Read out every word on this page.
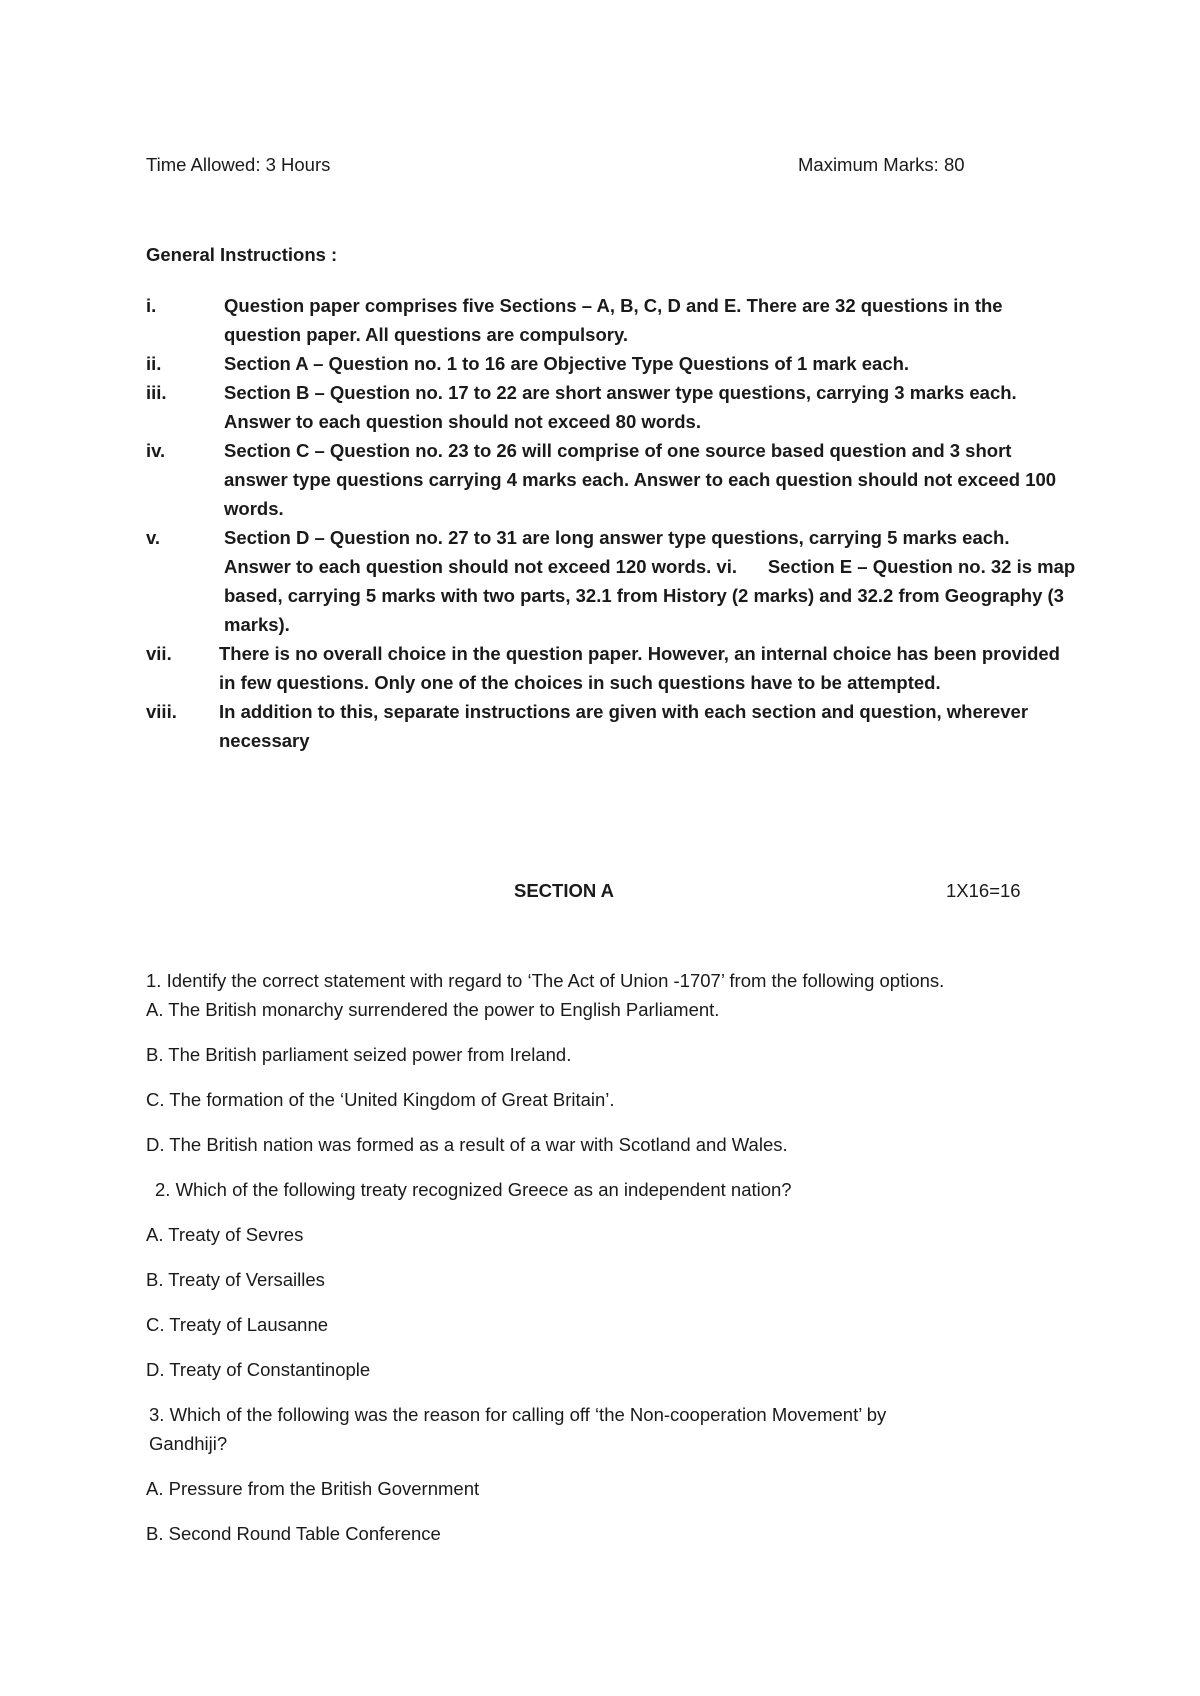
Time Allowed: 3 Hours	Maximum Marks: 80
General Instructions :
i.	Question paper comprises five Sections – A, B, C, D and E. There are 32 questions in the question paper. All questions are compulsory.
ii.	Section A – Question no. 1 to 16 are Objective Type Questions of 1 mark each.
iii.	Section B – Question no. 17 to 22 are short answer type questions, carrying 3 marks each. Answer to each question should not exceed 80 words.
iv.	Section C – Question no. 23 to 26 will comprise of one source based question and 3 short answer type questions carrying 4 marks each. Answer to each question should not exceed 100 words.
v.	Section D – Question no. 27 to 31 are long answer type questions, carrying 5 marks each. Answer to each question should not exceed 120 words. vi.      Section E – Question no. 32 is map based, carrying 5 marks with two parts, 32.1 from History (2 marks) and 32.2 from Geography (3 marks).
vii.	There is no overall choice in the question paper. However, an internal choice has been provided in few questions. Only one of the choices in such questions have to be attempted.
viii.	In addition to this, separate instructions are given with each section and question, wherever necessary
SECTION A	1X16=16
1. Identify the correct statement with regard to ‘The Act of Union -1707’ from the following options.
A. The British monarchy surrendered the power to English Parliament.
B. The British parliament seized power from Ireland.
C. The formation of the ‘United Kingdom of Great Britain’.
D. The British nation was formed as a result of a war with Scotland and Wales.
2. Which of the following treaty recognized Greece as an independent nation?
A. Treaty of Sevres
B. Treaty of Versailles
C. Treaty of Lausanne
D. Treaty of Constantinople
3. Which of the following was the reason for calling off ‘the Non-cooperation Movement’ by Gandhiji?
A. Pressure from the British Government
B. Second Round Table Conference
